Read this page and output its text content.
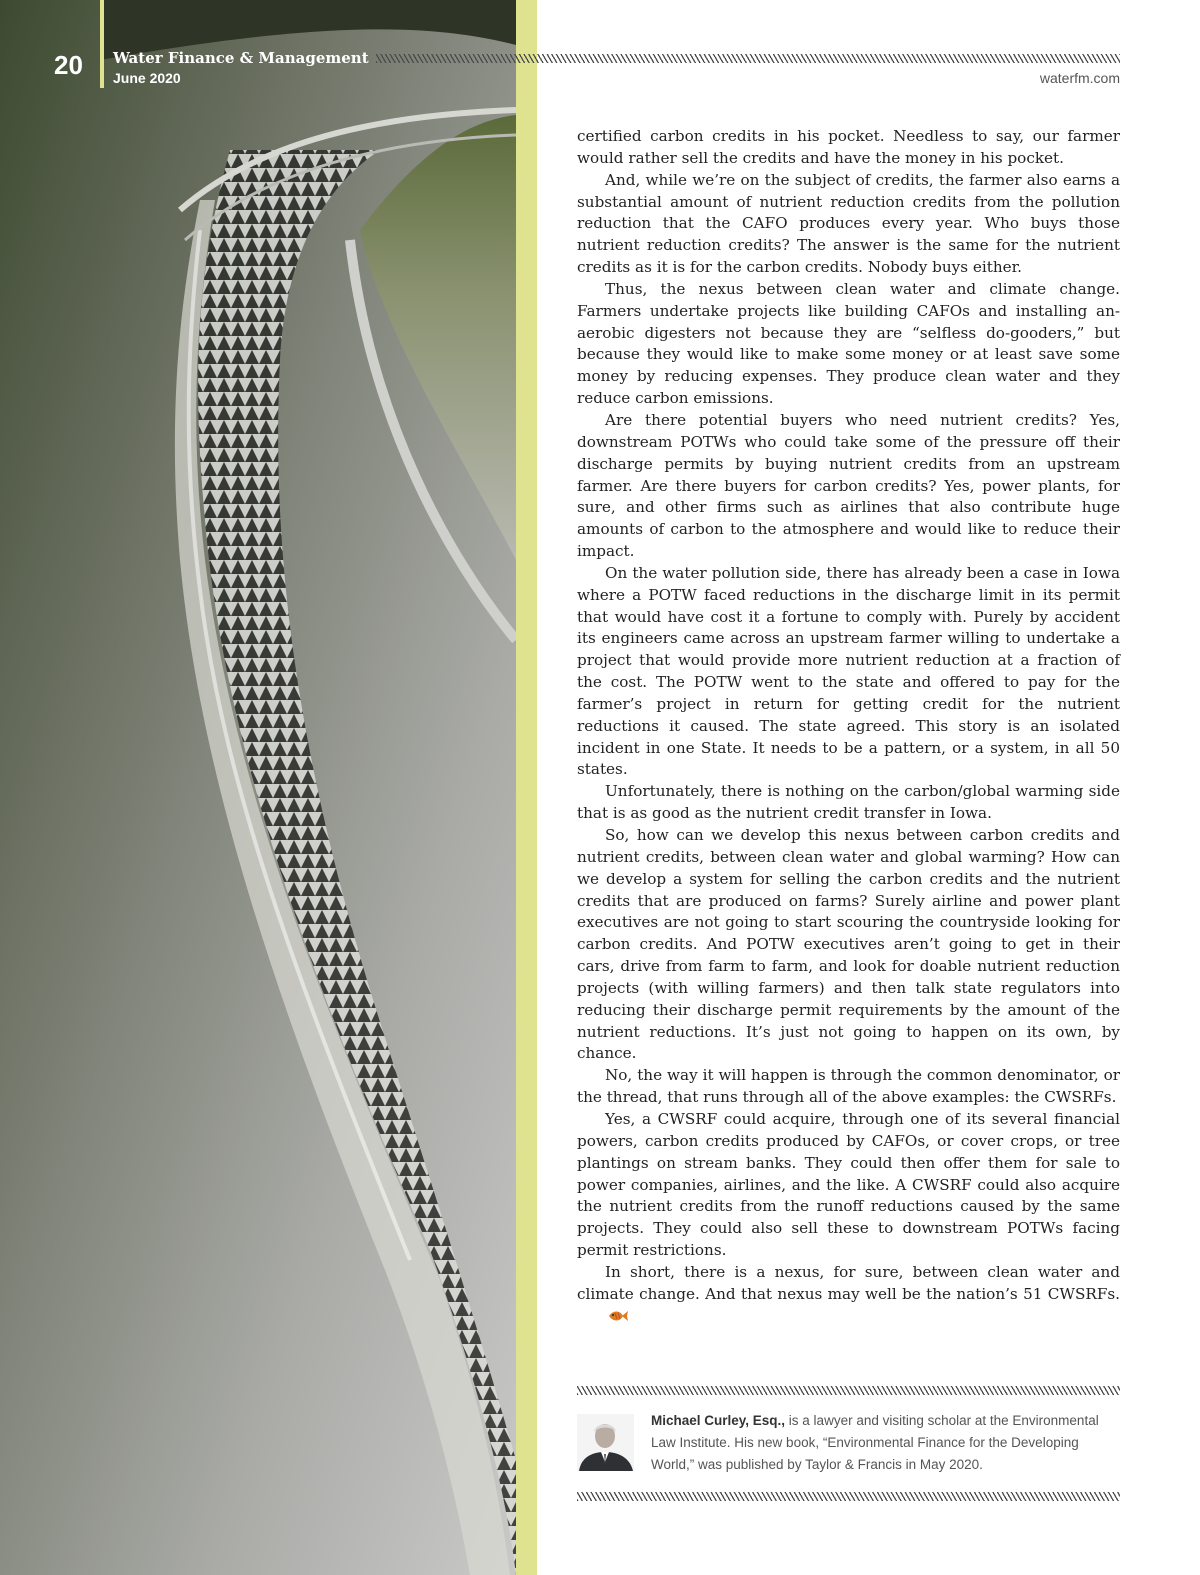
20 Water Finance & Management
June 2020	waterfm.com

certified carbon credits in his pocket. Needless to say, our farmer would rather sell the credits and have the money in his pocket.

And, while we’re on the subject of credits, the farmer also earns a substantial amount of nutrient reduction credits from the pollution reduction that the CAFO produces every year. Who buys those nutrient reduction credits? The answer is the same for the nutrient credits as it is for the carbon credits. Nobody buys either.

Thus, the nexus between clean water and climate change. Farmers undertake projects like building CAFOs and installing anaerobic digesters not because they are “selfless do-gooders,” but because they would like to make some money or at least save some money by reducing expenses. They produce clean water and they reduce carbon emissions.

Are there potential buyers who need nutrient credits? Yes, downstream POTWs who could take some of the pressure off their discharge permits by buying nutrient credits from an upstream farmer. Are there buyers for carbon credits? Yes, power plants, for sure, and other firms such as airlines that also contribute huge amounts of carbon to the atmosphere and would like to reduce their impact.

On the water pollution side, there has already been a case in Iowa where a POTW faced reductions in the discharge limit in its permit that would have cost it a fortune to comply with. Purely by accident its engineers came across an upstream farmer willing to undertake a project that would provide more nutrient reduction at a fraction of the cost. The POTW went to the state and offered to pay for the farmer’s project in return for getting credit for the nutrient reductions it caused. The state agreed. This story is an isolated incident in one State. It needs to be a pattern, or a system, in all 50 states.

Unfortunately, there is nothing on the carbon/global warming side that is as good as the nutrient credit transfer in Iowa.

So, how can we develop this nexus between carbon credits and nutrient credits, between clean water and global warming? How can we develop a system for selling the carbon credits and the nutrient credits that are produced on farms? Surely airline and power plant executives are not going to start scouring the countryside looking for carbon credits. And POTW executives aren’t going to get in their cars, drive from farm to farm, and look for doable nutrient reduction projects (with willing farmers) and then talk state regulators into reducing their discharge permit requirements by the amount of the nutrient reductions. It’s just not going to happen on its own, by chance.

No, the way it will happen is through the common denominator, or the thread, that runs through all of the above examples: the CWSRFs.

Yes, a CWSRF could acquire, through one of its several financial powers, carbon credits produced by CAFOs, or cover crops, or tree plantings on stream banks. They could then offer them for sale to power companies, airlines, and the like. A CWSRF could also acquire the nutrient credits from the runoff reductions caused by the same projects. They could also sell these to downstream POTWs facing permit restrictions.

In short, there is a nexus, for sure, between clean water and climate change. And that nexus may well be the nation’s 51 CWSRFs.

Michael Curley, Esq., is a lawyer and visiting scholar at the Environmental Law Institute. His new book, “Environmental Finance for the Developing World,” was published by Taylor & Francis in May 2020.
